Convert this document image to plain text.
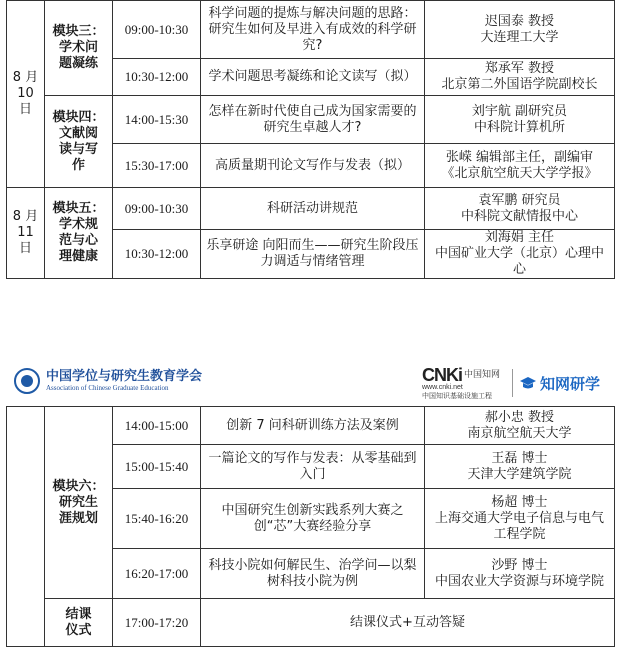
8 月
10 日	模块三：
学术问
题凝练	09:00-10:30	科学问题的提炼与解决问题的思路：研究生如何及早进入有成效的科学研究?	迟国泰 教授
大连理工大学
		10:30-12:00	学术问题思考凝练和论文读写（拟）	郑承军 教授
北京第二外国语学院副校长
	模块四：
文献阅
读与写
作	14:00-15:30	怎样在新时代使自己成为国家需要的研究生卓越人才?	刘宇航 副研究员
中科院计算机所
		15:30-17:00	高质量期刊论文写作与发表（拟）	张嵘 编辑部主任，副编审
《北京航空航天大学学报》
8 月
11 日	模块五：
学术规
范与心
理健康	09:00-10:30	科研活动讲规范	袁军鹏 研究员
中科院文献情报中心
		10:30-12:00	乐享研途 向阳而生——研究生阶段压力调适与情绪管理	刘海娟 主任
中国矿业大学（北京）心理中心
中国学位与研究生教育学会
Association of Chinese Graduate Education
CNKi 中国知网
www.cnki.net
中国知识基础设施工程
知网研学
	模块六：
研究生
涯规划	14:00-15:00	创新 7 问科研训练方法及案例	郝小忠 教授
南京航空航天大学
		15:00-15:40	一篇论文的写作与发表：从零基础到入门	王磊 博士
天津大学建筑学院
		15:40-16:20	中国研究生创新实践系列大赛之创“芯”大赛经验分享	杨超 博士
上海交通大学电子信息与电气工程学院
		16:20-17:00	科技小院如何解民生、治学问—以梨树科技小院为例	沙野 博士
中国农业大学资源与环境学院
	结课
仪式	17:00-17:20	结课仪式+互动答疑	
